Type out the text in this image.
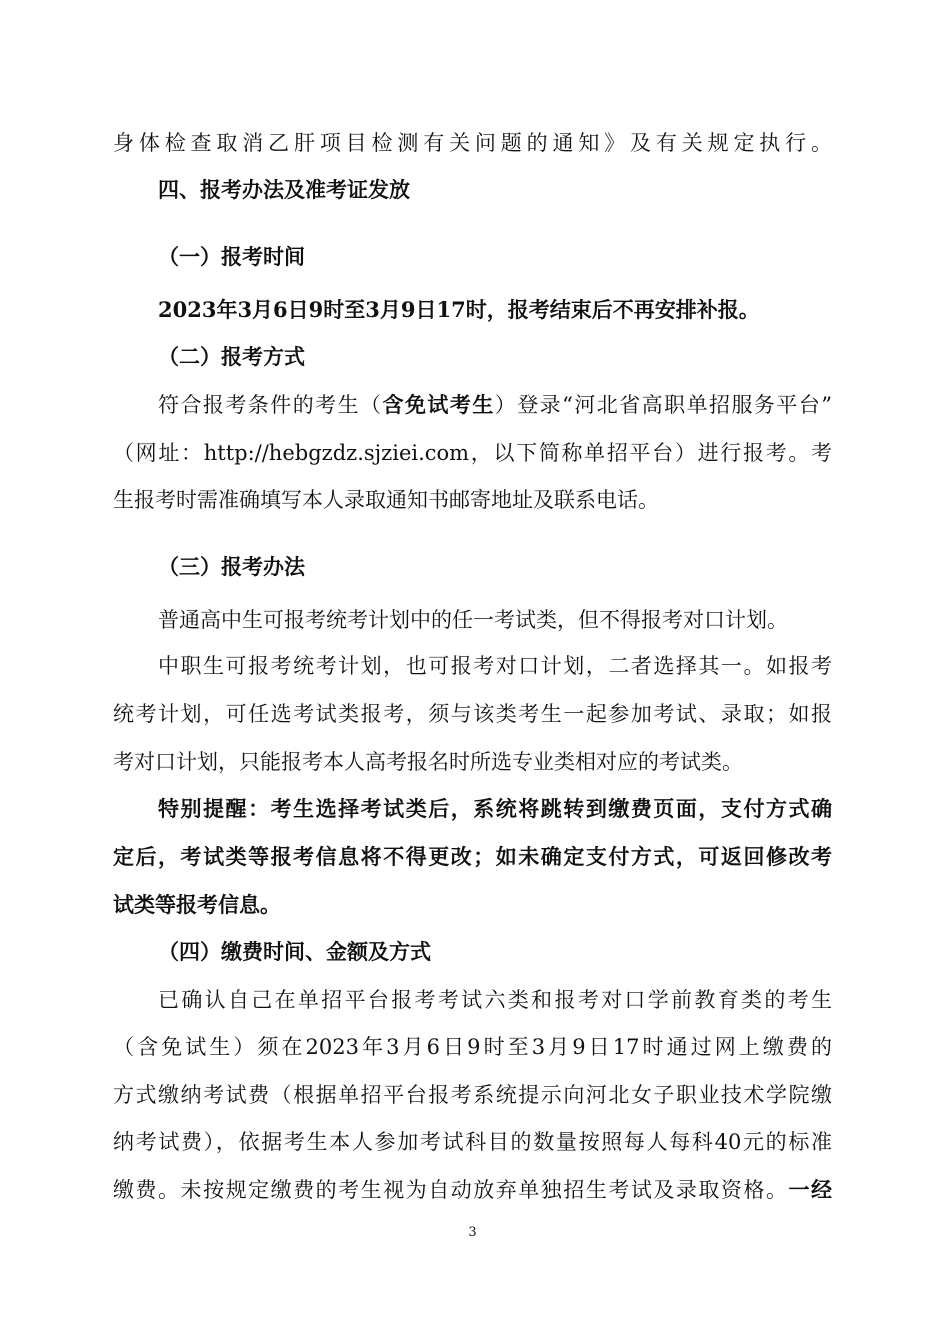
身体检查取消乙肝项目检测有关问题的通知》及有关规定执行。
四、报考办法及准考证发放
（一）报考时间
2023年3月6日9时至3月9日17时，报考结束后不再安排补报。
（二）报考方式
符合报考条件的考生（含免试考生）登录“河北省高职单招服务平台”
（网址：http://hebgzdz.sjziei.com，以下简称单招平台）进行报考。考
生报考时需准确填写本人录取通知书邮寄地址及联系电话。
（三）报考办法
普通高中生可报考统考计划中的任一考试类，但不得报考对口计划。
中职生可报考统考计划，也可报考对口计划，二者选择其一。如报考
统考计划，可任选考试类报考，须与该类考生一起参加考试、录取；如报
考对口计划，只能报考本人高考报名时所选专业类相对应的考试类。
特别提醒：考生选择考试类后，系统将跳转到缴费页面，支付方式确
定后，考试类等报考信息将不得更改；如未确定支付方式，可返回修改考
试类等报考信息。
（四）缴费时间、金额及方式
已确认自己在单招平台报考考试六类和报考对口学前教育类的考生
（含免试生）须在2023年3月6日9时至3月9日17时通过网上缴费的
方式缴纳考试费（根据单招平台报考系统提示向河北女子职业技术学院缴
纳考试费），依据考生本人参加考试科目的数量按照每人每科40元的标准
缴费。未按规定缴费的考生视为自动放弃单独招生考试及录取资格。一经
3
